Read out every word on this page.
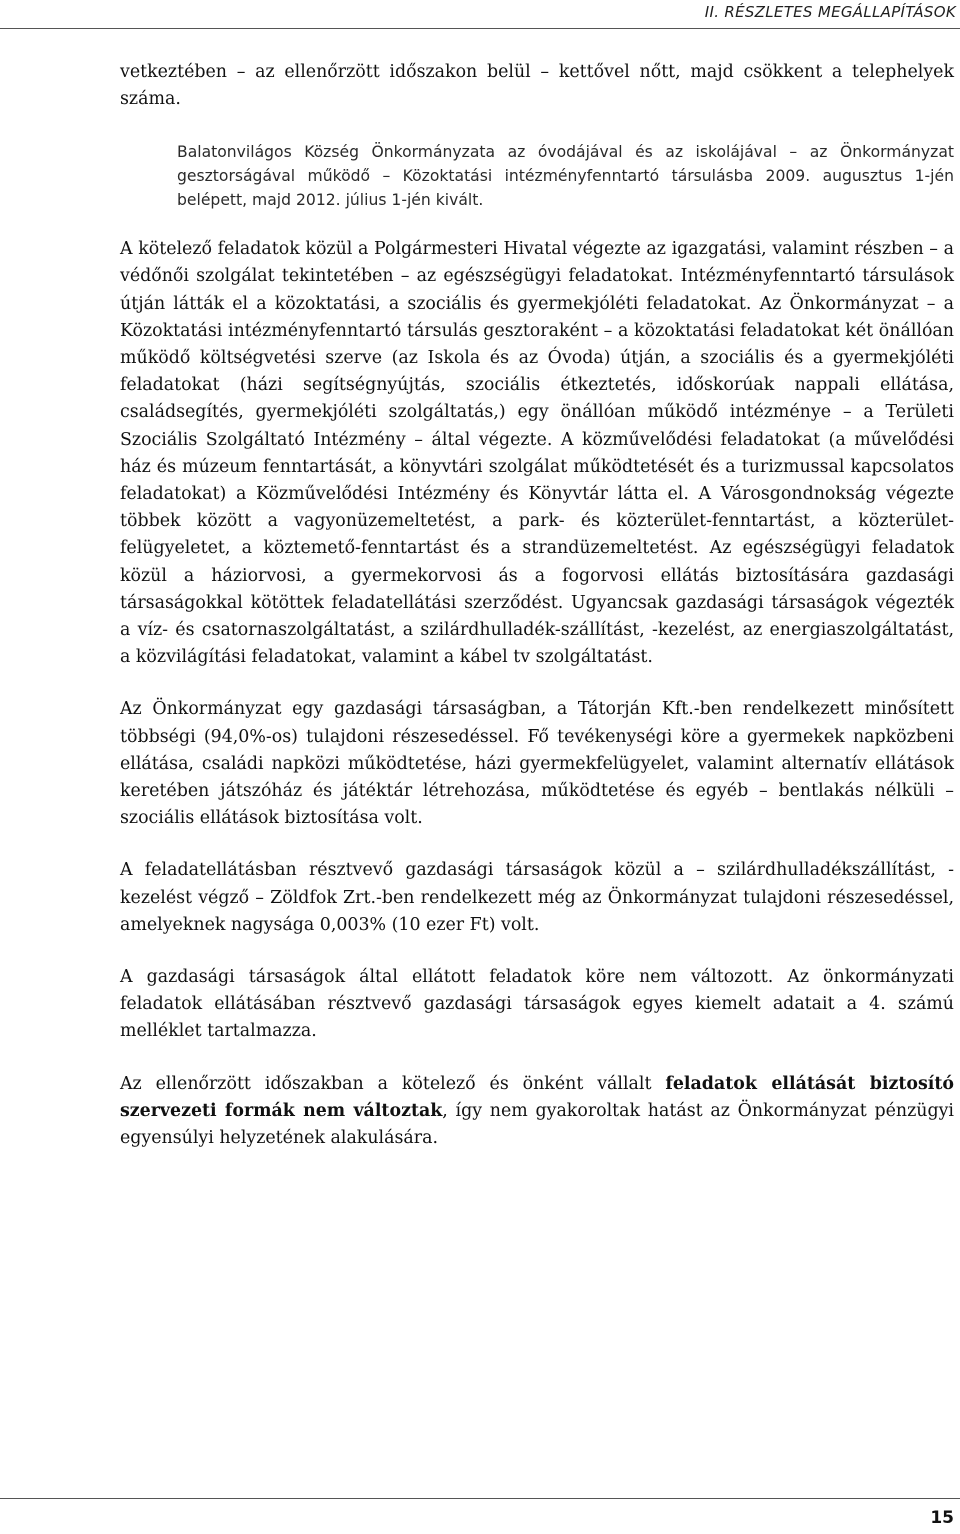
II. RÉSZLETES MEGÁLLAPÍTÁSOK

vetkeztében – az ellenőrzött időszakon belül – kettővel nőtt, majd csökkent a telephelyek száma.

Balatonvilágos Község Önkormányzata az óvodájával és az iskolájával – az Önkormányzat gesztorságával működő – Közoktatási intézményfenntartó társulásba 2009. augusztus 1-jén belépett, majd 2012. július 1-jén kivált.

A kötelező feladatok közül a Polgármesteri Hivatal végezte az igazgatási, valamint részben – a védőnői szolgálat tekintetében – az egészségügyi feladatokat. Intézményfenntartó társulások útján látták el a közoktatási, a szociális és gyermekjóléti feladatokat. Az Önkormányzat – a Közoktatási intézményfenntartó társulás gesztoraként – a közoktatási feladatokat két önállóan működő költségvetési szerve (az Iskola és az Óvoda) útján, a szociális és a gyermekjóléti feladatokat (házi segítségnyújtás, szociális étkeztetés, időskorúak nappali ellátása, családsegítés, gyermekjóléti szolgáltatás,) egy önállóan működő intézménye – a Területi Szociális Szolgáltató Intézmény – által végezte. A közművelődési feladatokat (a művelődési ház és múzeum fenntartását, a könyvtári szolgálat működtetését és a turizmussal kapcsolatos feladatokat) a Közművelődési Intézmény és Könyvtár látta el. A Városgondnokság végezte többek között a vagyonüzemeltetést, a park- és közterület-fenntartást, a közterület-felügyeletet, a köztemető-fenntartást és a strandüzemeltetést. Az egészségügyi feladatok közül a háziorvosi, a gyermekorvosi ás a fogorvosi ellátás biztosítására gazdasági társaságokkal kötöttek feladatellátási szerződést. Ugyancsak gazdasági társaságok végezték a víz- és csatornaszolgáltatást, a szilárdhulladék-szállítást, -kezelést, az energiaszolgáltatást, a közvilágítási feladatokat, valamint a kábel tv szolgáltatást.

Az Önkormányzat egy gazdasági társaságban, a Tátorján Kft.-ben rendelkezett minősített többségi (94,0%-os) tulajdoni részesedéssel. Fő tevékenységi köre a gyermekek napközbeni ellátása, családi napközi működtetése, házi gyermekfelügyelet, valamint alternatív ellátások keretében játszóház és játéktár létrehozása, működtetése és egyéb – bentlakás nélküli – szociális ellátások biztosítása volt.

A feladatellátásban résztvevő gazdasági társaságok közül a – szilárdhulladékszállítást, -kezelést végző – Zöldfok Zrt.-ben rendelkezett még az Önkormányzat tulajdoni részesedéssel, amelyeknek nagysága 0,003% (10 ezer Ft) volt.

A gazdasági társaságok által ellátott feladatok köre nem változott. Az önkormányzati feladatok ellátásában résztvevő gazdasági társaságok egyes kiemelt adatait a 4. számú melléklet tartalmazza.

Az ellenőrzött időszakban a kötelező és önként vállalt feladatok ellátását biztosító szervezeti formák nem változtak, így nem gyakoroltak hatást az Önkormányzat pénzügyi egyensúlyi helyzetének alakulására.

15
